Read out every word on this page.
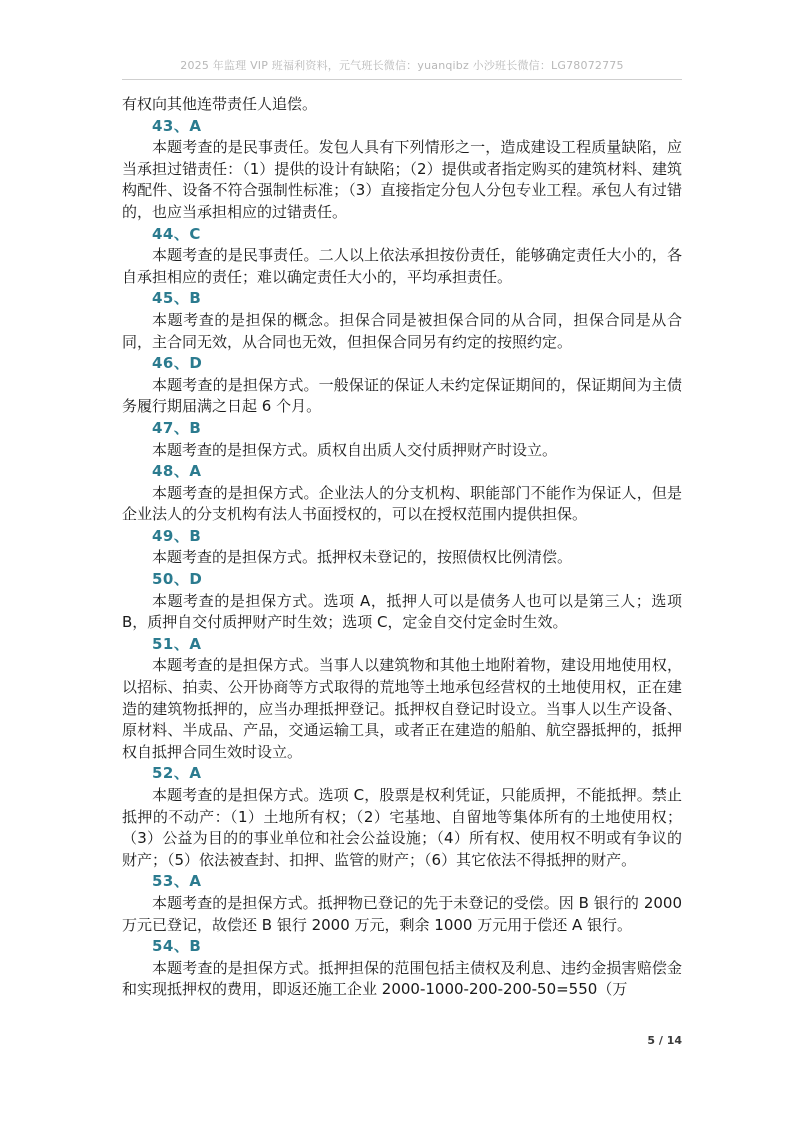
2025 年监理 VIP 班福利资料，元气班长微信：yuanqibz 小沙班长微信：LG78072775

有权向其他连带责任人追偿。

43、A

本题考查的是民事责任。发包人具有下列情形之一，造成建设工程质量缺陷，应当承担过错责任：（1）提供的设计有缺陷；（2）提供或者指定购买的建筑材料、建筑构配件、设备不符合强制性标准；（3）直接指定分包人分包专业工程。承包人有过错的，也应当承担相应的过错责任。

44、C

本题考查的是民事责任。二人以上依法承担按份责任，能够确定责任大小的，各自承担相应的责任；难以确定责任大小的，平均承担责任。

45、B

本题考查的是担保的概念。担保合同是被担保合同的从合同，担保合同是从合同，主合同无效，从合同也无效，但担保合同另有约定的按照约定。

46、D

本题考查的是担保方式。一般保证的保证人未约定保证期间的，保证期间为主债务履行期届满之日起 6 个月。

47、B

本题考查的是担保方式。质权自出质人交付质押财产时设立。

48、A

本题考查的是担保方式。企业法人的分支机构、职能部门不能作为保证人，但是企业法人的分支机构有法人书面授权的，可以在授权范围内提供担保。

49、B

本题考查的是担保方式。抵押权未登记的，按照债权比例清偿。

50、D

本题考查的是担保方式。选项 A，抵押人可以是债务人也可以是第三人；选项 B，质押自交付质押财产时生效；选项 C，定金自交付定金时生效。

51、A

本题考查的是担保方式。当事人以建筑物和其他土地附着物，建设用地使用权，以招标、拍卖、公开协商等方式取得的荒地等土地承包经营权的土地使用权，正在建造的建筑物抵押的，应当办理抵押登记。抵押权自登记时设立。当事人以生产设备、原材料、半成品、产品，交通运输工具，或者正在建造的船舶、航空器抵押的，抵押权自抵押合同生效时设立。

52、A

本题考查的是担保方式。选项 C，股票是权利凭证，只能质押，不能抵押。禁止抵押的不动产：（1）土地所有权；（2）宅基地、自留地等集体所有的土地使用权；（3）公益为目的的事业单位和社会公益设施；（4）所有权、使用权不明或有争议的财产；（5）依法被查封、扣押、监管的财产；（6）其它依法不得抵押的财产。

53、A

本题考查的是担保方式。抵押物已登记的先于未登记的受偿。因 B 银行的 2000 万元已登记，故偿还 B 银行 2000 万元，剩余 1000 万元用于偿还 A 银行。

54、B

本题考查的是担保方式。抵押担保的范围包括主债权及利息、违约金损害赔偿金和实现抵押权的费用，即返还施工企业 2000-1000-200-200-50=550（万

5 / 14
